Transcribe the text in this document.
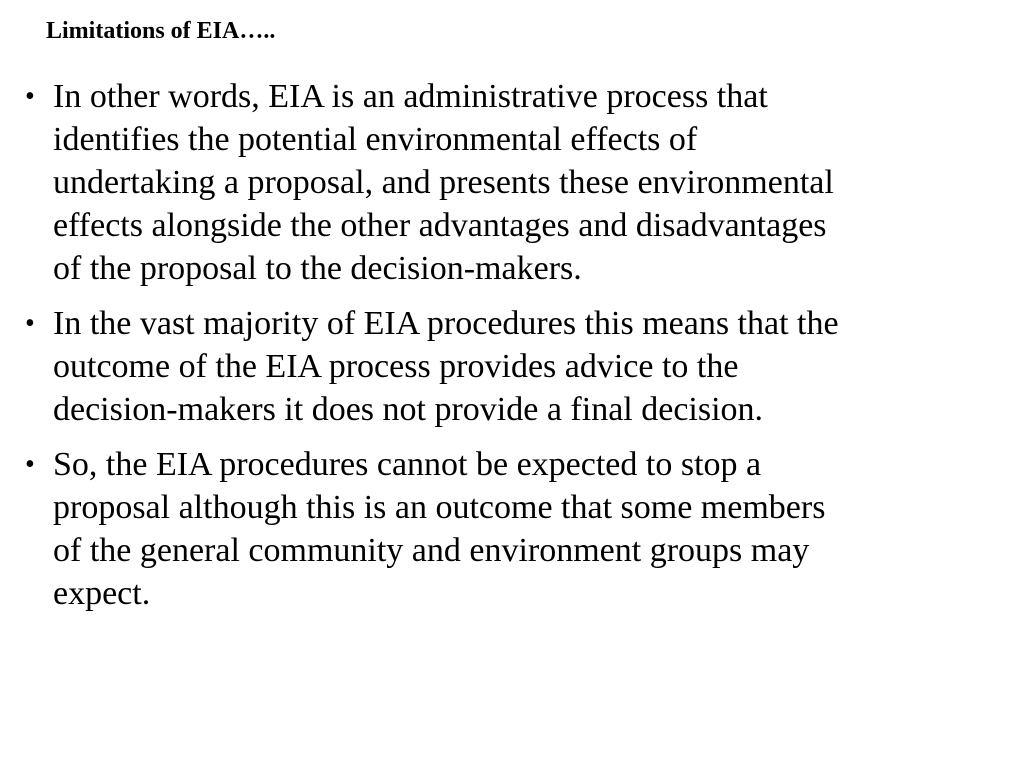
Limitations of EIA…..
• In other words, EIA is an administrative process that
identifies the potential environmental effects of
undertaking a proposal, and presents these environmental
effects alongside the other advantages and disadvantages
of the proposal to the decision-makers.
• In the vast majority of EIA procedures this means that the
outcome of the EIA process provides advice to the
decision-makers it does not provide a final decision.
• So, the EIA procedures cannot be expected to stop a
proposal although this is an outcome that some members
of the general community and environment groups may
expect.
